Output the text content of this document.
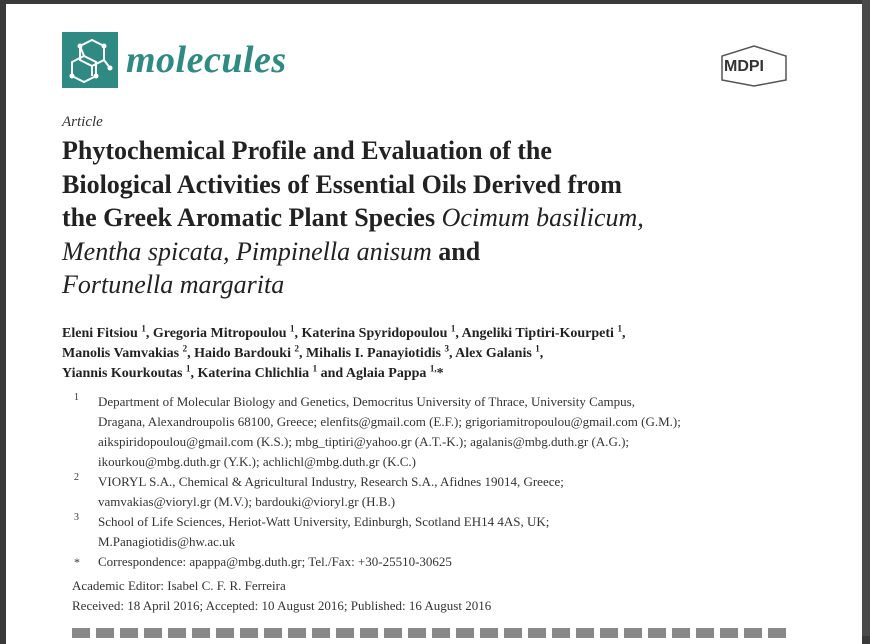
molecules	MDPI
Article
Phytochemical Profile and Evaluation of the
Biological Activities of Essential Oils Derived from
the Greek Aromatic Plant Species Ocimum basilicum,
Mentha spicata, Pimpinella anisum and
Fortunella margarita
Eleni Fitsiou $^1$, Gregoria Mitropoulou $^1$, Katerina Spyridopoulou $^1$, Angeliki Tiptiri-Kourpeti $^1$,
Manolis Vamvakias $^2$, Haido Bardouki $^2$, Mihalis I. Panayiotidis $^3$, Alex Galanis $^1$,
Yiannis Kourkoutas $^1$, Katerina Chlichlia $^1$ and Aglaia Pappa $^{1,}$*
1 Department of Molecular Biology and Genetics, Democritus University of Thrace, University Campus,
Dragana, Alexandroupolis 68100, Greece; elenfits@gmail.com (E.F.); grigoriamitropoulou@gmail.com (G.M.);
aikspiridopoulou@gmail.com (K.S.); mbg_tiptiri@yahoo.gr (A.T.-K.); agalanis@mbg.duth.gr (A.G.);
ikourkou@mbg.duth.gr (Y.K.); achlichl@mbg.duth.gr (K.C.)
2 VIORYL S.A., Chemical & Agricultural Industry, Research S.A., Afidnes 19014, Greece;
vamvakias@vioryl.gr (M.V.); bardouki@vioryl.gr (H.B.)
3 School of Life Sciences, Heriot-Watt University, Edinburgh, Scotland EH14 4AS, UK;
M.Panagiotidis@hw.ac.uk
* Correspondence: apappa@mbg.duth.gr; Tel./Fax: +30-25510-30625
Academic Editor: Isabel C. F. R. Ferreira
Received: 18 April 2016; Accepted: 10 August 2016; Published: 16 August 2016
